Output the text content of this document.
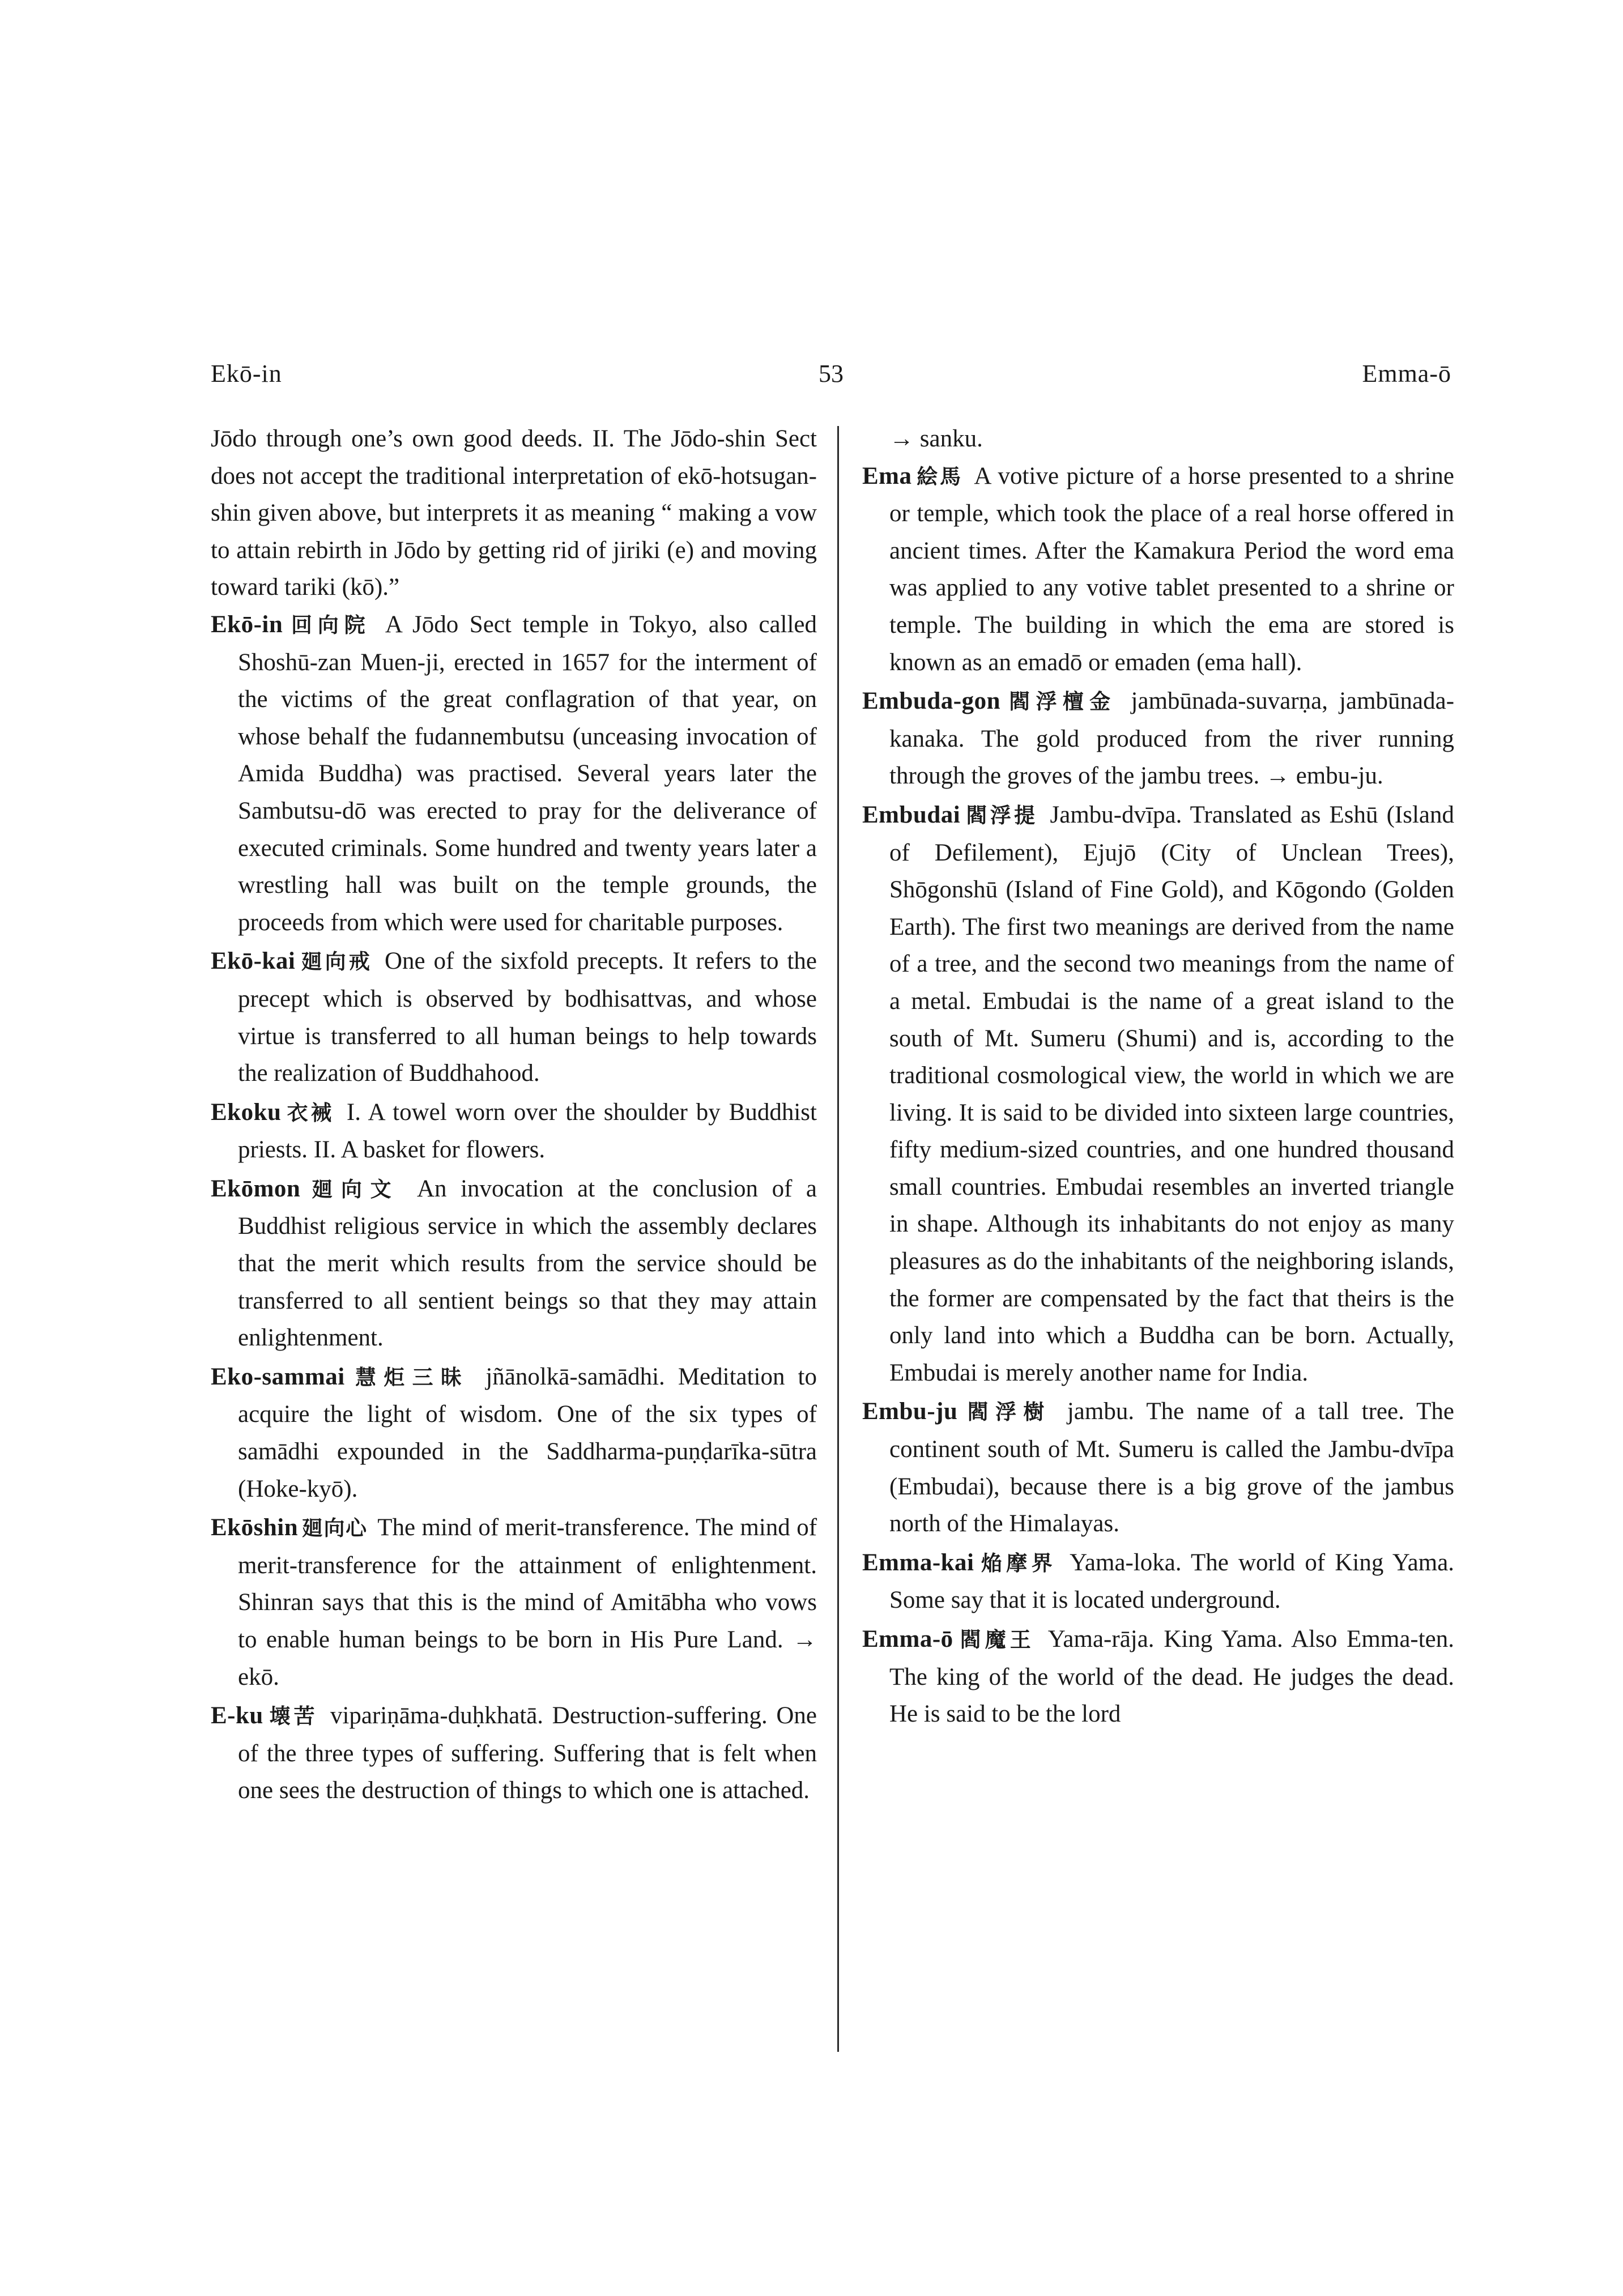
Ekō-in	53	Emma-ō

Jōdo through one’s own good deeds. II. The Jōdo-shin Sect does not accept the traditional interpretation of ekō-hotsugan-shin given above, but interprets it as meaning “ making a vow to attain rebirth in Jōdo by getting rid of jiriki (e) and moving toward tariki (kō).”

Ekō-in 回向院 A Jōdo Sect temple in Tokyo, also called Shoshū-zan Muen-ji, erected in 1657 for the interment of the victims of the great conflagration of that year, on whose behalf the fudannembutsu (unceasing invocation of Amida Buddha) was practised. Several years later the Sambutsu-dō was erected to pray for the deliverance of executed criminals. Some hundred and twenty years later a wrestling hall was built on the temple grounds, the proceeds from which were used for charitable purposes.

Ekō-kai 廻向戒 One of the sixfold precepts. It refers to the precept which is observed by bodhisattvas, and whose virtue is transferred to all human beings to help towards the realization of Buddhahood.

Ekoku 衣裓 I. A towel worn over the shoulder by Buddhist priests. II. A basket for flowers.

Ekōmon 廻向文 An invocation at the conclusion of a Buddhist religious service in which the assembly declares that the merit which results from the service should be transferred to all sentient beings so that they may attain enlightenment.

Eko-sammai 慧炬三昧 jñānolkā-samādhi. Meditation to acquire the light of wisdom. One of the six types of samādhi expounded in the Saddharma-puṇḍarīka-sūtra (Hoke-kyō).

Ekōshin 廻向心 The mind of merit-transference. The mind of merit-transference for the attainment of enlightenment. Shinran says that this is the mind of Amitābha who vows to enable human beings to be born in His Pure Land. → ekō.

E-ku 壊苦 vipariṇāma-duḥkhatā. Destruction-suffering. One of the three types of suffering. Suffering that is felt when one sees the destruction of things to which one is attached.

→ sanku.

Ema 絵馬 A votive picture of a horse presented to a shrine or temple, which took the place of a real horse offered in ancient times. After the Kamakura Period the word ema was applied to any votive tablet presented to a shrine or temple. The building in which the ema are stored is known as an emadō or emaden (ema hall).

Embuda-gon 閻浮檀金 jambūnada-suvarṇa, jambūnada-kanaka. The gold produced from the river running through the groves of the jambu trees. → embu-ju.

Embudai 閻浮提 Jambu-dvīpa. Translated as Eshū (Island of Defilement), Ejujō (City of Unclean Trees), Shōgonshū (Island of Fine Gold), and Kōgondo (Golden Earth). The first two meanings are derived from the name of a tree, and the second two meanings from the name of a metal. Embudai is the name of a great island to the south of Mt. Sumeru (Shumi) and is, according to the traditional cosmological view, the world in which we are living. It is said to be divided into sixteen large countries, fifty medium-sized countries, and one hundred thousand small countries. Embudai resembles an inverted triangle in shape. Although its inhabitants do not enjoy as many pleasures as do the inhabitants of the neighboring islands, the former are compensated by the fact that theirs is the only land into which a Buddha can be born. Actually, Embudai is merely another name for India.

Embu-ju 閻浮樹 jambu. The name of a tall tree. The continent south of Mt. Sumeru is called the Jambu-dvīpa (Embudai), because there is a big grove of the jambus north of the Himalayas.

Emma-kai 焔摩界 Yama-loka. The world of King Yama. Some say that it is located underground.

Emma-ō 閻魔王 Yama-rāja. King Yama. Also Emma-ten. The king of the world of the dead. He judges the dead. He is said to be the lord
